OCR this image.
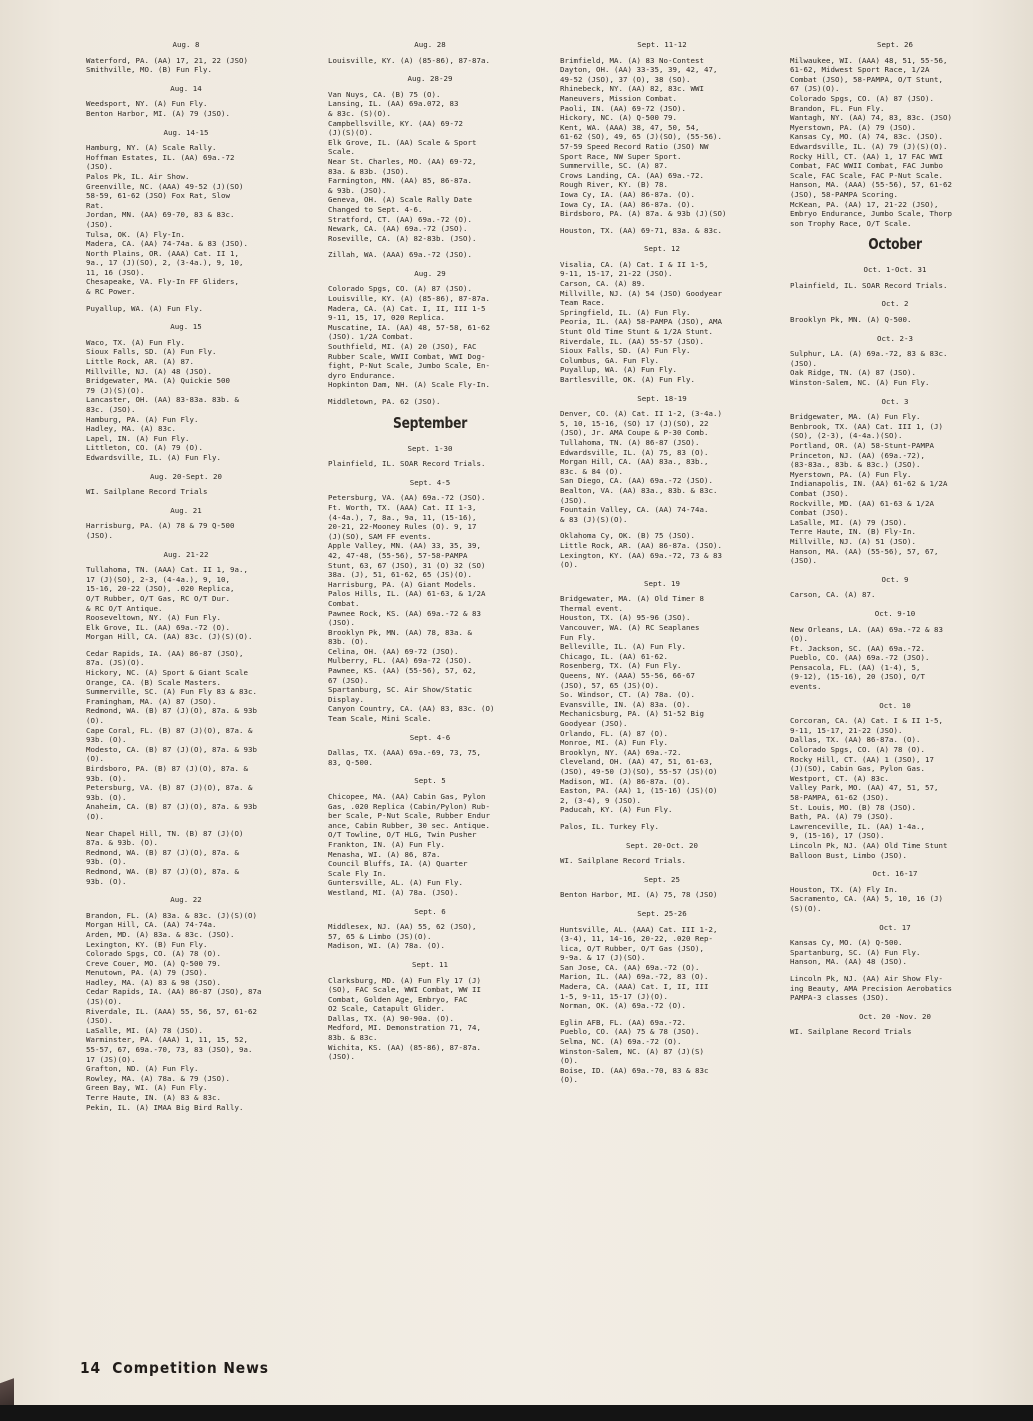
Aug. 8
Waterford, PA. (AA) 17, 21, 22 (JSO)
Smithville, MO. (B) Fun Fly.
Aug. 14
Weedsport, NY. (A) Fun Fly.
Benton Harbor, MI. (A) 79 (JSO).
Aug. 14-15
Hamburg, NY. (A) Scale Rally.
Hoffman Estates, IL. (AA) 69a.-72
(JSO).
Palos Pk, IL. Air Show.
Greenville, NC. (AAA) 49-52 (J)(SO)
58-59, 61-62 (JSO) Fox Rat, Slow
Rat.
Jordan, MN. (AA) 69-70, 83 & 83c.
(JSO).
Tulsa, OK. (A) Fly-In.
Madera, CA. (AA) 74-74a. & 83 (JSO).
North Plains, OR. (AAA) Cat. II 1,
9a., 17 (J)(SO), 2, (3-4a.), 9, 10,
11, 16 (JSO).
Chesapeake, VA. Fly-In FF Gliders,
& RC Power.
Puyallup, WA. (A) Fun Fly.
Aug. 15
Waco, TX. (A) Fun Fly.
Sioux Falls, SD. (A) Fun Fly.
Little Rock, AR. (A) 87.
Millville, NJ. (A) 48 (JSO).
Bridgewater, MA. (A) Quickie 500
79 (J)(S)(O).
Lancaster, OH. (AA) 83-83a. 83b. &
83c. (JSO).
Hamburg, PA. (A) Fun Fly.
Hadley, MA. (A) 83c.
Lapel, IN. (A) Fun Fly.
Littleton, CO. (A) 79 (O).
Edwardsville, IL. (A) Fun Fly.
Aug. 20-Sept. 20
WI. Sailplane Record Trials
Aug. 21
Harrisburg, PA. (A) 78 & 79 Q-500
(JSO).
Aug. 21-22
Tullahoma, TN. (AAA) Cat. II 1, 9a.,
17 (J)(SO), 2-3, (4-4a.), 9, 10,
15-16, 20-22 (JSO), .020 Replica,
O/T Rubber, O/T Gas, RC O/T Dur.
& RC O/T Antique.
Rooseveltown, NY. (A) Fun Fly.
Elk Grove, IL. (AA) 69a.-72 (O).
Morgan Hill, CA. (AA) 83c. (J)(S)(O).
Cedar Rapids, IA. (AA) 86-87 (JSO),
87a. (JS)(O).
Hickory, NC. (A) Sport & Giant Scale
Orange, CA. (B) Scale Masters.
Summerville, SC. (A) Fun Fly 83 & 83c.
Framingham, MA. (A) 87 (JSO).
Redmond, WA. (B) 87 (J)(O), 87a. & 93b
(O).
Cape Coral, FL. (B) 87 (J)(O), 87a. &
93b. (O).
Modesto, CA. (B) 87 (J)(O), 87a. & 93b
(O).
Birdsboro, PA. (B) 87 (J)(O), 87a. &
93b. (O).
Petersburg, VA. (B) 87 (J)(O), 87a. &
93b. (O).
Anaheim, CA. (B) 87 (J)(O), 87a. & 93b
(O).
Near Chapel Hill, TN. (B) 87 (J)(O)
87a. & 93b. (O).
Redmond, WA. (B) 87 (J)(O), 87a. &
93b. (O).
Redmond, WA. (B) 87 (J)(O), 87a. &
93b. (O).
Aug. 22
Brandon, FL. (A) 83a. & 83c. (J)(S)(O)
Morgan Hill, CA. (AA) 74-74a.
Arden, MD. (A) 83a. & 83c. (JSO).
Lexington, KY. (B) Fun Fly.
Colorado Spgs, CO. (A) 78 (O).
Creve Couer, MO. (A) Q-500 79.
Menutown, PA. (A) 79 (JSO).
Hadley, MA. (A) 83 & 98 (JSO).
Cedar Rapids, IA. (AA) 86-87 (JSO), 87a
(JS)(O).
Riverdale, IL. (AAA) 55, 56, 57, 61-62
(JSO).
LaSalle, MI. (A) 78 (JSO).
Warminster, PA. (AAA) 1, 11, 15, 52,
55-57, 67, 69a.-70, 73, 83 (JSO), 9a.
17 (JS)(O).
Grafton, ND. (A) Fun Fly.
Rowley, MA. (A) 78a. & 79 (JSO).
Green Bay, WI. (A) Fun Fly.
Terre Haute, IN. (A) 83 & 83c.
Pekin, IL. (A) IMAA Big Bird Rally.
Aug. 28
Louisville, KY. (A) (85-86), 87-87a.
Aug. 28-29
Van Nuys, CA. (B) 75 (O).
Lansing, IL. (AA) 69a.072, 83
& 83c. (S)(O).
Campbellsville, KY. (AA) 69-72
(J)(S)(O).
Elk Grove, IL. (AA) Scale & Sport
Scale.
Near St. Charles, MO. (AA) 69-72,
83a. & 83b. (JSO).
Farmington, MN. (AA) 85, 86-87a.
& 93b. (JSO).
Geneva, OH. (A) Scale Rally Date
Changed to Sept. 4-6.
Stratford, CT. (AA) 69a.-72 (O).
Newark, CA. (AA) 69a.-72 (JSO).
Roseville, CA. (A) 82-83b. (JSO).
Zillah, WA. (AAA) 69a.-72 (JSO).
Aug. 29
Colorado Spgs, CO. (A) 87 (JSO).
Louisville, KY. (A) (85-86), 87-87a.
Madera, CA. (A) Cat. I, II, III 1-5
9-11, 15, 17, 020 Replica.
Muscatine, IA. (AA) 48, 57-58, 61-62
(JSO). 1/2A Combat.
Southfield, MI. (A) 20 (JSO), FAC
Rubber Scale, WWII Combat, WWI Dog-
fight, P-Nut Scale, Jumbo Scale, En-
dyro Endurance.
Hopkinton Dam, NH. (A) Scale Fly-In.
Middletown, PA. 62 (JSO).
September
Sept. 1-30
Plainfield, IL. SOAR Record Trials.
Sept. 4-5
Petersburg, VA. (AA) 69a.-72 (JSO).
Ft. Worth, TX. (AAA) Cat. II 1-3,
(4-4a.), 7, 8a., 9a, 11, (15-16),
20-21, 22-Mooney Rules (O). 9, 17
(J)(SO), SAM FF events.
Apple Valley, MN. (AA) 33, 35, 39,
42, 47-48, (55-56), 57-58-PAMPA
Stunt, 63, 67 (JSO), 31 (O) 32 (SO)
38a. (J), 51, 61-62, 65 (JS)(O).
Harrisburg, PA. (A) Giant Models.
Palos Hills, IL. (AA) 61-63, & 1/2A
Combat.
Pawnee Rock, KS. (AA) 69a.-72 & 83
(JSO).
Brooklyn Pk, MN. (AA) 78, 83a. &
83b. (O).
Celina, OH. (AA) 69-72 (JSO).
Mulberry, FL. (AA) 69a-72 (JSO).
Pawnee, KS. (AA) (55-56), 57, 62,
67 (JSO).
Spartanburg, SC. Air Show/Static
Display.
Canyon Country, CA. (AA) 83, 83c. (O)
Team Scale, Mini Scale.
Sept. 4-6
Dallas, TX. (AAA) 69a.-69, 73, 75,
83, Q-500.
Sept. 5
Chicopee, MA. (AA) Cabin Gas, Pylon
Gas, .020 Replica (Cabin/Pylon) Rub-
ber Scale, P-Nut Scale, Rubber Endur
ance, Cabin Rubber, 30 sec. Antique.
O/T Towline, O/T HLG, Twin Pusher
Frankton, IN. (A) Fun Fly.
Menasha, WI. (A) 86, 87a.
Council Bluffs, IA. (A) Quarter
Scale Fly In.
Guntersville, AL. (A) Fun Fly.
Westland, MI. (A) 78a. (JSO).
Sept. 6
Middlesex, NJ. (AA) 55, 62 (JSO),
57, 65 & Limbo (JS)(O).
Madison, WI. (A) 78a. (O).
Sept. 11
Clarksburg, MD. (A) Fun Fly 17 (J)
(SO), FAC Scale, WWI Combat, WW II
Combat, Golden Age, Embryo, FAC
O2 Scale, Catapult Glider.
Dallas, TX. (A) 90-90a. (O).
Medford, MI. Demonstration 71, 74,
83b. & 83c.
Wichita, KS. (AA) (85-86), 87-87a.
(JSO).
Sept. 11-12
Brimfield, MA. (A) 83 No-Contest
Dayton, OH. (AA) 33-35, 39, 42, 47,
49-52 (JSO), 37 (O), 38 (SO).
Rhinebeck, NY. (AA) 82, 83c. WWI
Maneuvers, Mission Combat.
Paoli, IN. (AA) 69-72 (JSO).
Hickory, NC. (A) Q-500 79.
Kent, WA. (AAA) 38, 47, 50, 54,
61-62 (SO), 49, 65 (J)(SO), (55-56).
57-59 Speed Record Ratio (JSO) NW
Sport Race, NW Super Sport.
Summerville, SC. (A) 87.
Crows Landing, CA. (AA) 69a.-72.
Rough River, KY. (B) 78.
Iowa Cy, IA. (AA) 86-87a. (O).
Iowa Cy, IA. (AA) 86-87a. (O).
Birdsboro, PA. (A) 87a. & 93b (J)(SO)
Houston, TX. (AA) 69-71, 83a. & 83c.
Sept. 12
Visalia, CA. (A) Cat. I & II 1-5,
9-11, 15-17, 21-22 (JSO).
Carson, CA. (A) 89.
Millville, NJ. (A) 54 (JSO) Goodyear
Team Race.
Springfield, IL. (A) Fun Fly.
Peoria, IL. (AA) 58-PAMPA (JSO), AMA
Stunt Old Time Stunt & 1/2A Stunt.
Riverdale, IL. (AA) 55-57 (JSO).
Sioux Falls, SD. (A) Fun Fly.
Columbus, GA. Fun Fly.
Puyallup, WA. (A) Fun Fly.
Bartlesville, OK. (A) Fun Fly.
Sept. 18-19
Denver, CO. (A) Cat. II 1-2, (3-4a.)
5, 10, 15-16, (SO) 17 (J)(SO), 22
(JSO), Jr. AMA Coupe & P-30 Comb.
Tullahoma, TN. (A) 86-87 (JSO).
Edwardsville, IL. (A) 75, 83 (O).
Morgan Hill, CA. (AA) 83a., 83b.,
83c. & 84 (O).
San Diego, CA. (AA) 69a.-72 (JSO).
Bealton, VA. (AA) 83a., 83b. & 83c.
(JSO).
Fountain Valley, CA. (AA) 74-74a.
& 83 (J)(S)(O).
Oklahoma Cy, OK. (B) 75 (JSO).
Little Rock, AR. (AA) 86-87a. (JSO).
Lexington, KY. (AA) 69a.-72, 73 & 83
(O).
Sept. 19
Bridgewater, MA. (A) Old Timer 8
Thermal event.
Houston, TX. (A) 95-96 (JSO).
Vancouver, WA. (A) RC Seaplanes
Fun Fly.
Belleville, IL. (A) Fun Fly.
Chicago, IL. (AA) 61-62.
Rosenberg, TX. (A) Fun Fly.
Queens, NY. (AAA) 55-56, 66-67
(JSO), 57, 65 (JS)(O).
So. Windsor, CT. (A) 78a. (O).
Evansville, IN. (A) 83a. (O).
Mechanicsburg, PA. (A) 51-52 Big
Goodyear (JSO).
Orlando, FL. (A) 87 (O).
Monroe, MI. (A) Fun Fly.
Brooklyn, NY. (AA) 69a.-72.
Cleveland, OH. (AA) 47, 51, 61-63,
(JSO), 49-50 (J)(SO), 55-57 (JS)(O)
Madison, WI. (A) 86-87a. (O).
Easton, PA. (AA) 1, (15-16) (JS)(O)
2, (3-4), 9 (JSO).
Paducah, KY. (A) Fun Fly.
Palos, IL. Turkey Fly.
Sept. 20-Oct. 20
WI. Sailplane Record Trials.
Sept. 25
Benton Harbor, MI. (A) 75, 78 (JSO)
Sept. 25-26
Huntsville, AL. (AAA) Cat. III 1-2,
(3-4), 11, 14-16, 20-22, .020 Rep-
lica, O/T Rubber, O/T Gas (JSO),
9-9a. & 17 (J)(SO).
San Jose, CA. (AA) 69a.-72 (O).
Marion, IL. (AA) 69a.-72, 83 (O).
Madera, CA. (AAA) Cat. I, II, III
1-5, 9-11, 15-17 (J)(O).
Norman, OK. (A) 69a.-72 (O).
Eglin AFB, FL. (AA) 69a.-72.
Pueblo, CO. (AA) 75 & 78 (JSO).
Selma, NC. (A) 69a.-72 (O).
Winston-Salem, NC. (A) 87 (J)(S)
(O).
Boise, ID. (AA) 69a.-70, 83 & 83c
(O).
Sept. 26
Milwaukee, WI. (AAA) 48, 51, 55-56,
61-62, Midwest Sport Race, 1/2A
Combat (JSO), 58-PAMPA, O/T Stunt,
67 (JS)(O).
Colorado Spgs, CO. (A) 87 (JSO).
Brandon, FL. Fun Fly.
Wantagh, NY. (AA) 74, 83, 83c. (JSO)
Myerstown, PA. (A) 79 (JSO).
Kansas Cy, MO. (A) 74, 83c. (JSO).
Edwardsville, IL. (A) 79 (J)(S)(O).
Rocky Hill, CT. (AA) 1, 17 FAC WWI
Combat, FAC WWII Combat, FAC Jumbo
Scale, FAC Scale, FAC P-Nut Scale.
Hanson, MA. (AAA) (55-56), 57, 61-62
(JSO), 58-PAMPA Scoring.
McKean, PA. (AA) 17, 21-22 (JSO),
Embryo Endurance, Jumbo Scale, Thorp
son Trophy Race, O/T Scale.
October
Oct. 1-Oct. 31
Plainfield, IL. SOAR Record Trials.
Oct. 2
Brooklyn Pk, MN. (A) Q-500.
Oct. 2-3
Sulphur, LA. (A) 69a.-72, 83 & 83c.
(JSO).
Oak Ridge, TN. (A) 87 (JSO).
Winston-Salem, NC. (A) Fun Fly.
Oct. 3
Bridgewater, MA. (A) Fun Fly.
Benbrook, TX. (AA) Cat. III 1, (J)
(SO), (2-3), (4-4a.)(SO).
Portland, OR. (A) 58-Stunt-PAMPA
Princeton, NJ. (AA) (69a.-72),
(83-83a., 83b. & 83c.) (JSO).
Myerstown, PA. (A) Fun Fly.
Indianapolis, IN. (AA) 61-62 & 1/2A
Combat (JSO).
Rockville, MD. (AA) 61-63 & 1/2A
Combat (JSO).
LaSalle, MI. (A) 79 (JSO).
Terre Haute, IN. (B) Fly-In.
Millville, NJ. (A) 51 (JSO).
Hanson, MA. (AA) (55-56), 57, 67,
(JSO).
Oct. 9
Carson, CA. (A) 87.
Oct. 9-10
New Orleans, LA. (AA) 69a.-72 & 83
(O).
Ft. Jackson, SC. (AA) 69a.-72.
Pueblo, CO. (AA) 69a.-72 (JSO).
Pensacola, FL. (AA) (1-4), 5,
(9-12), (15-16), 20 (JSO), O/T
events.
Oct. 10
Corcoran, CA. (A) Cat. I & II 1-5,
9-11, 15-17, 21-22 (JSO).
Dallas, TX. (AA) 86-87a. (O).
Colorado Spgs, CO. (A) 78 (O).
Rocky Hill, CT. (AA) 1 (JSO), 17
(J)(SO), Cabin Gas, Pylon Gas.
Westport, CT. (A) 83c.
Valley Park, MO. (AA) 47, 51, 57,
58-PAMPA, 61-62 (JSO).
St. Louis, MO. (B) 78 (JSO).
Bath, PA. (A) 79 (JSO).
Lawrenceville, IL. (AA) 1-4a.,
9, (15-16), 17 (JSO).
Lincoln Pk, NJ. (AA) Old Time Stunt
Balloon Bust, Limbo (JSO).
Oct. 16-17
Houston, TX. (A) Fly In.
Sacramento, CA. (AA) 5, 10, 16 (J)
(S)(O).
Oct. 17
Kansas Cy, MO. (A) Q-500.
Spartanburg, SC. (A) Fun Fly.
Hanson, MA. (AA) 48 (JSO).
Lincoln Pk, NJ. (AA) Air Show Fly-
ing Beauty, AMA Precision Aerobatics
PAMPA-3 classes (JSO).
Oct. 20 -Nov. 20
WI. Sailplane Record Trials
14 Competition News
